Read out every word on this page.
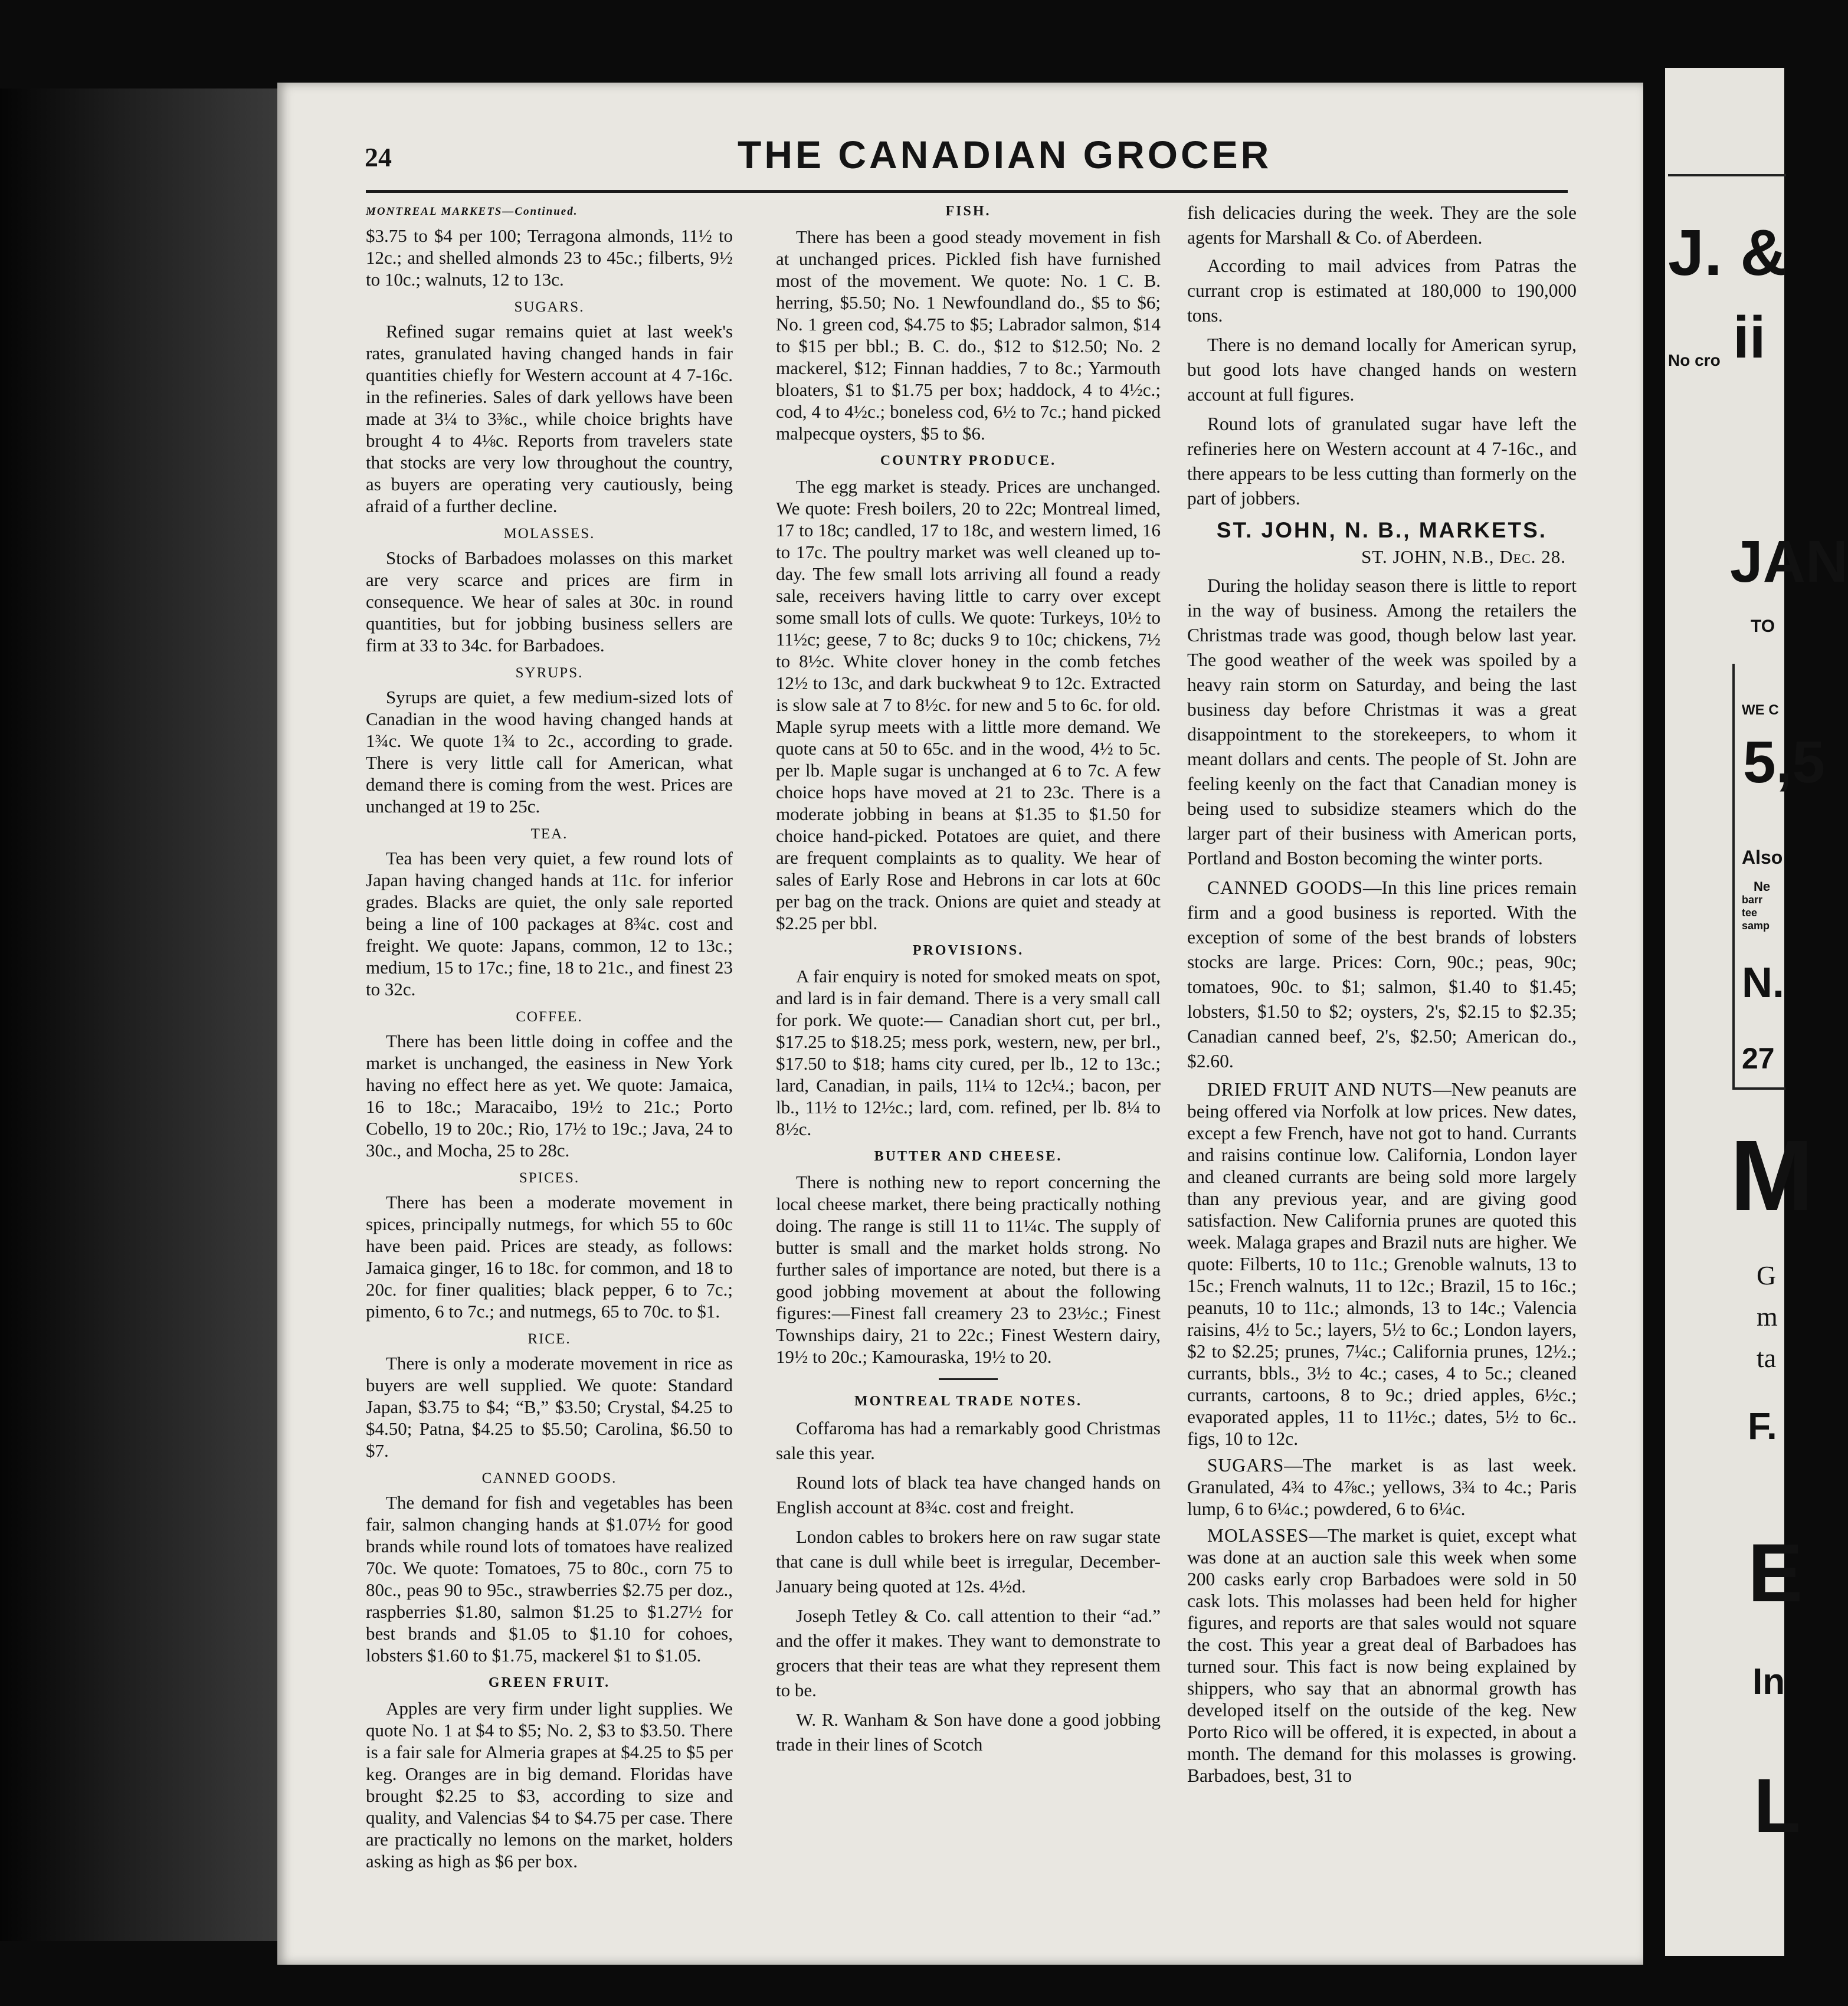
24	THE CANADIAN GROCER
MONTREAL MARKETS—Continued.

$3.75 to $4 per 100; Terragona almonds, 11½ to 12c.; and shelled almonds 23 to 45c.; filberts, 9½ to 10c.; walnuts, 12 to 13c.

SUGARS.

Refined sugar remains quiet at last week's rates, granulated having changed hands in fair quantities chiefly for Western account at 4 7-16c. in the refineries. Sales of dark yellows have been made at 3¼ to 3⅜c., while choice brights have brought 4 to 4⅛c. Reports from travelers state that stocks are very low throughout the country, as buyers are operating very cautiously, being afraid of a further decline.

MOLASSES.

Stocks of Barbadoes molasses on this market are very scarce and prices are firm in consequence. We hear of sales at 30c. in round quantities, but for jobbing business sellers are firm at 33 to 34c. for Barbadoes.

SYRUPS.

Syrups are quiet, a few medium-sized lots of Canadian in the wood having changed hands at 1¾c. We quote 1¾ to 2c., according to grade. There is very little call for American, what demand there is coming from the west. Prices are unchanged at 19 to 25c.

TEA.

Tea has been very quiet, a few round lots of Japan having changed hands at 11c. for inferior grades. Blacks are quiet, the only sale reported being a line of 100 packages at 8¾c. cost and freight. We quote: Japans, common, 12 to 13c.; medium, 15 to 17c.; fine, 18 to 21c., and finest 23 to 32c.

COFFEE.

There has been little doing in coffee and the market is unchanged, the easiness in New York having no effect here as yet. We quote: Jamaica, 16 to 18c.; Maracaibo, 19½ to 21c.; Porto Cobello, 19 to 20c.; Rio, 17½ to 19c.; Java, 24 to 30c., and Mocha, 25 to 28c.

SPICES.

There has been a moderate movement in spices, principally nutmegs, for which 55 to 60c have been paid. Prices are steady, as follows: Jamaica ginger, 16 to 18c. for common, and 18 to 20c. for finer qualities; black pepper, 6 to 7c.; pimento, 6 to 7c.; and nutmegs, 65 to 70c. to $1.

RICE.

There is only a moderate movement in rice as buyers are well supplied. We quote: Standard Japan, $3.75 to $4; “B,” $3.50; Crystal, $4.25 to $4.50; Patna, $4.25 to $5.50; Carolina, $6.50 to $7.

CANNED GOODS.

The demand for fish and vegetables has been fair, salmon changing hands at $1.07½ for good brands while round lots of tomatoes have realized 70c. We quote: Tomatoes, 75 to 80c., corn 75 to 80c., peas 90 to 95c., strawberries $2.75 per doz., raspberries $1.80, salmon $1.25 to $1.27½ for best brands and $1.05 to $1.10 for cohoes, lobsters $1.60 to $1.75, mackerel $1 to $1.05.

GREEN FRUIT.

Apples are very firm under light supplies. We quote No. 1 at $4 to $5; No. 2, $3 to $3.50. There is a fair sale for Almeria grapes at $4.25 to $5 per keg. Oranges are in big demand. Floridas have brought $2.25 to $3, according to size and quality, and Valencias $4 to $4.75 per case. There are practically no lemons on the market, holders asking as high as $6 per box.

FISH.

There has been a good steady movement in fish at unchanged prices. Pickled fish have furnished most of the movement. We quote: No. 1 C. B. herring, $5.50; No. 1 Newfoundland do., $5 to $6; No. 1 green cod, $4.75 to $5; Labrador salmon, $14 to $15 per bbl.; B. C. do., $12 to $12.50; No. 2 mackerel, $12; Finnan haddies, 7 to 8c.; Yarmouth bloaters, $1 to $1.75 per box; haddock, 4 to 4½c.; cod, 4 to 4½c.; boneless cod, 6½ to 7c.; hand picked malpecque oysters, $5 to $6.

COUNTRY PRODUCE.

The egg market is steady. Prices are unchanged. We quote: Fresh boilers, 20 to 22c; Montreal limed, 17 to 18c; candled, 17 to 18c, and western limed, 16 to 17c. The poultry market was well cleaned up to-day. The few small lots arriving all found a ready sale, receivers having little to carry over except some small lots of culls. We quote: Turkeys, 10½ to 11½c; geese, 7 to 8c; ducks 9 to 10c; chickens, 7½ to 8½c. White clover honey in the comb fetches 12½ to 13c, and dark buckwheat 9 to 12c. Extracted is slow sale at 7 to 8½c. for new and 5 to 6c. for old. Maple syrup meets with a little more demand. We quote cans at 50 to 65c. and in the wood, 4½ to 5c. per lb. Maple sugar is unchanged at 6 to 7c. A few choice hops have moved at 21 to 23c. There is a moderate jobbing in beans at $1.35 to $1.50 for choice hand-picked. Potatoes are quiet, and there are frequent complaints as to quality. We hear of sales of Early Rose and Hebrons in car lots at 60c per bag on the track. Onions are quiet and steady at $2.25 per bbl.

PROVISIONS.

A fair enquiry is noted for smoked meats on spot, and lard is in fair demand. There is a very small call for pork. We quote:— Canadian short cut, per brl., $17.25 to $18.25; mess pork, western, new, per brl., $17.50 to $18; hams city cured, per lb., 12 to 13c.; lard, Canadian, in pails, 11¼ to 12c¼.; bacon, per lb., 11½ to 12½c.; lard, com. refined, per lb. 8¼ to 8½c.

BUTTER AND CHEESE.

There is nothing new to report concerning the local cheese market, there being practically nothing doing. The range is still 11 to 11¼c. The supply of butter is small and the market holds strong. No further sales of importance are noted, but there is a good jobbing movement at about the following figures:—Finest fall creamery 23 to 23½c.; Finest Townships dairy, 21 to 22c.; Finest Western dairy, 19½ to 20c.; Kamouraska, 19½ to 20.

MONTREAL TRADE NOTES.

Coffaroma has had a remarkably good Christmas sale this year.

Round lots of black tea have changed hands on English account at 8¾c. cost and freight.

London cables to brokers here on raw sugar state that cane is dull while beet is irregular, December-January being quoted at 12s. 4½d.

Joseph Tetley & Co. call attention to their “ad.” and the offer it makes. They want to demonstrate to grocers that their teas are what they represent them to be.

W. R. Wanham & Son have done a good jobbing trade in their lines of Scotch

fish delicacies during the week. They are the sole agents for Marshall & Co. of Aberdeen.

According to mail advices from Patras the currant crop is estimated at 180,000 to 190,000 tons.

There is no demand locally for American syrup, but good lots have changed hands on western account at full figures.

Round lots of granulated sugar have left the refineries here on Western account at 4 7-16c., and there appears to be less cutting than formerly on the part of jobbers.

ST. JOHN, N. B., MARKETS.
ST. JOHN, N.B., Dec. 28.

During the holiday season there is little to report in the way of business. Among the retailers the Christmas trade was good, though below last year. The good weather of the week was spoiled by a heavy rain storm on Saturday, and being the last business day before Christmas it was a great disappointment to the storekeepers, to whom it meant dollars and cents. The people of St. John are feeling keenly on the fact that Canadian money is being used to subsidize steamers which do the larger part of their business with American ports, Portland and Boston becoming the winter ports.

CANNED GOODS—In this line prices remain firm and a good business is reported. With the exception of some of the best brands of lobsters stocks are large. Prices: Corn, 90c.; peas, 90c; tomatoes, 90c. to $1; salmon, $1.40 to $1.45; lobsters, $1.50 to $2; oysters, 2's, $2.15 to $2.35; Canadian canned beef, 2's, $2.50; American do., $2.60.

DRIED FRUIT AND NUTS—New peanuts are being offered via Norfolk at low prices. New dates, except a few French, have not got to hand. Currants and raisins continue low. California, London layer and cleaned currants are being sold more largely than any previous year, and are giving good satisfaction. New California prunes are quoted this week. Malaga grapes and Brazil nuts are higher. We quote: Filberts, 10 to 11c.; Grenoble walnuts, 13 to 15c.; French walnuts, 11 to 12c.; Brazil, 15 to 16c.; peanuts, 10 to 11c.; almonds, 13 to 14c.; Valencia raisins, 4½ to 5c.; layers, 5½ to 6c.; London layers, $2 to $2.25; prunes, 7¼c.; California prunes, 12½.; currants, bbls., 3½ to 4c.; cases, 4 to 5c.; cleaned currants, cartoons, 8 to 9c.; dried apples, 6½c.; evaporated apples, 11 to 11½c.; dates, 5½ to 6c.. figs, 10 to 12c.

SUGARS—The market is as last week. Granulated, 4¾ to 4⅞c.; yellows, 3¾ to 4c.; Paris lump, 6 to 6¼c.; powdered, 6 to 6¼c.

MOLASSES—The market is quiet, except what was done at an auction sale this week when some 200 casks early crop Barbadoes were sold in 50 cask lots. This molasses had been held for higher figures, and reports are that sales would not square the cost. This year a great deal of Barbadoes has turned sour. This fact is now being explained by shippers, who say that an abnormal growth has developed itself on the outside of the keg. New Porto Rico will be offered, it is expected, in about a month. The demand for this molasses is growing. Barbadoes, best, 31 to

J. &
ii
No cro
JAN
TO
WE C
5,5
Also
Ne
barr
tee
samp
N.
27
M
G
m
ta
F.
E
In
L
